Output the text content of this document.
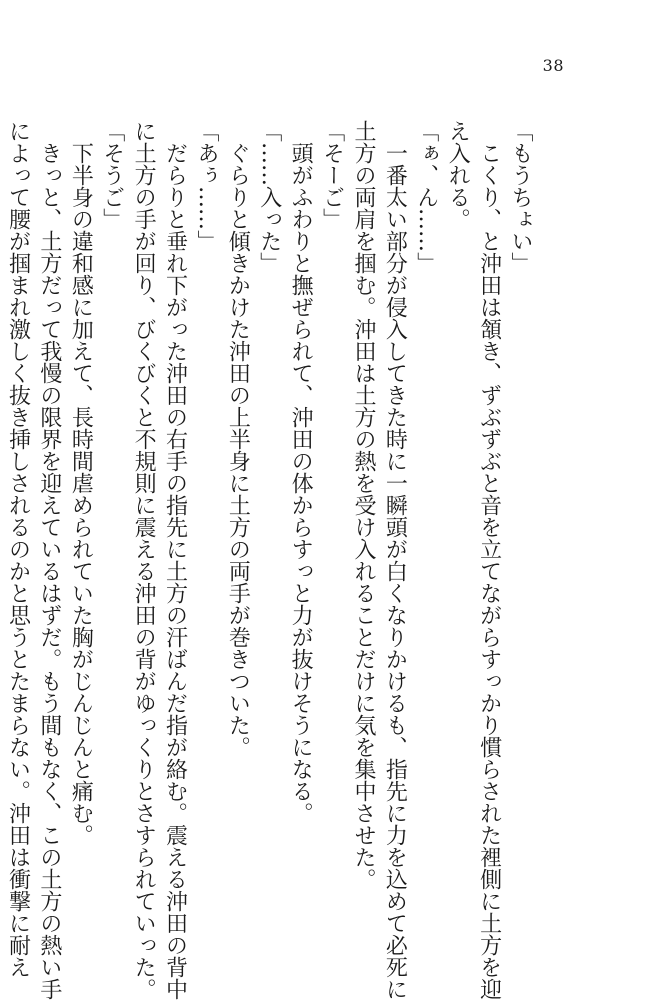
38
「もうちょい」
　こくり、と沖田は頷き、ずぶずぶと音を立てながらすっかり慣らされた裡側に土方を迎
え入れる。
「ぁ、ん……」
　一番太い部分が侵入してきた時に一瞬頭が白くなりかけるも、指先に力を込めて必死に
土方の両肩を掴む。沖田は土方の熱を受け入れることだけに気を集中させた。
「そーご」
　頭がふわりと撫ぜられて、沖田の体からすっと力が抜けそうになる。
「……入った」
　ぐらりと傾きかけた沖田の上半身に土方の両手が巻きついた。
「あぅ……」
　だらりと垂れ下がった沖田の右手の指先に土方の汗ばんだ指が絡む。震える沖田の背中
に土方の手が回り、びくびくと不規則に震える沖田の背がゆっくりとさすられていった。
「そうご」
　下半身の違和感に加えて、長時間虐められていた胸がじんじんと痛む。
　きっと、土方だって我慢の限界を迎えているはずだ。もう間もなく、この土方の熱い手
によって腰が掴まれ激しく抜き挿しされるのかと思うとたまらない。沖田は衝撃に耐え
